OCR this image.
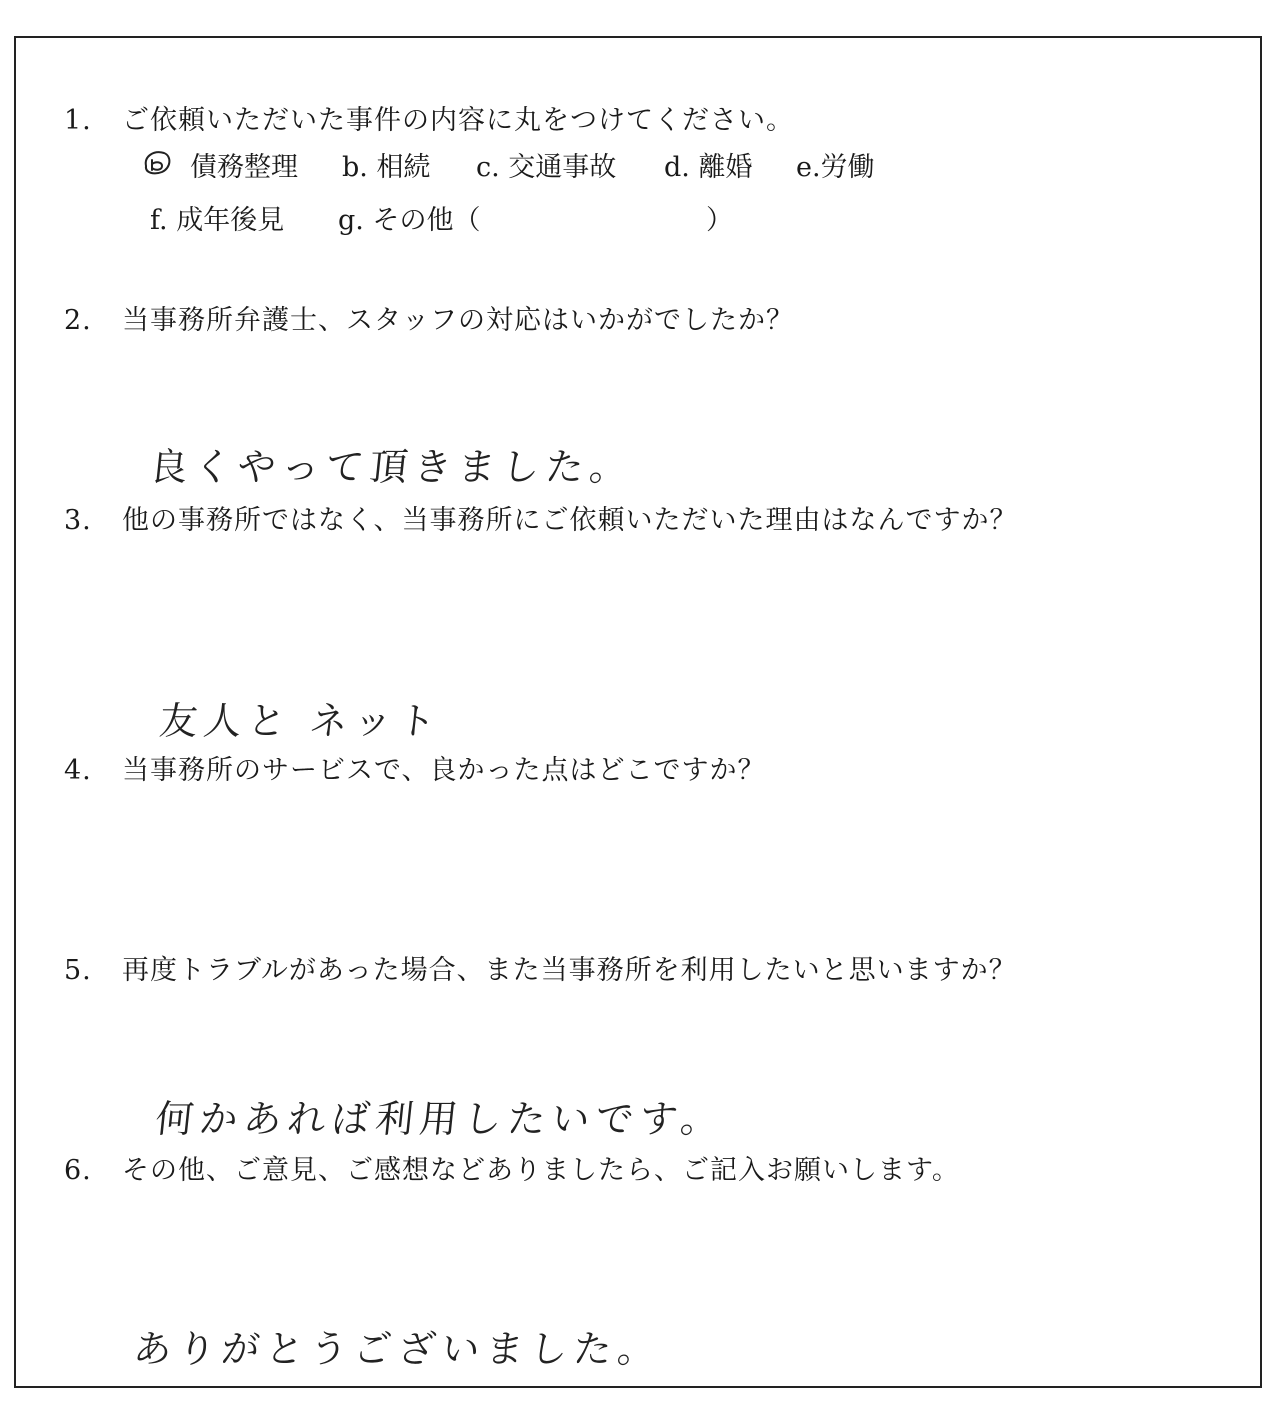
1. ご依頼いただいた事件の内容に丸をつけてください。
債務整理 b. 相続 c. 交通事故 d. 離婚 e.労働
f. 成年後見 g. その他（	）
2. 当事務所弁護士、スタッフの対応はいかがでしたか？
良くやって頂きました。
3. 他の事務所ではなく、当事務所にご依頼いただいた理由はなんですか？
友人と ネット
4. 当事務所のサービスで、良かった点はどこですか？
5. 再度トラブルがあった場合、また当事務所を利用したいと思いますか？
何かあれば利用したいです。
6. その他、ご意見、ご感想などありましたら、ご記入お願いします。
ありがとうございました。
